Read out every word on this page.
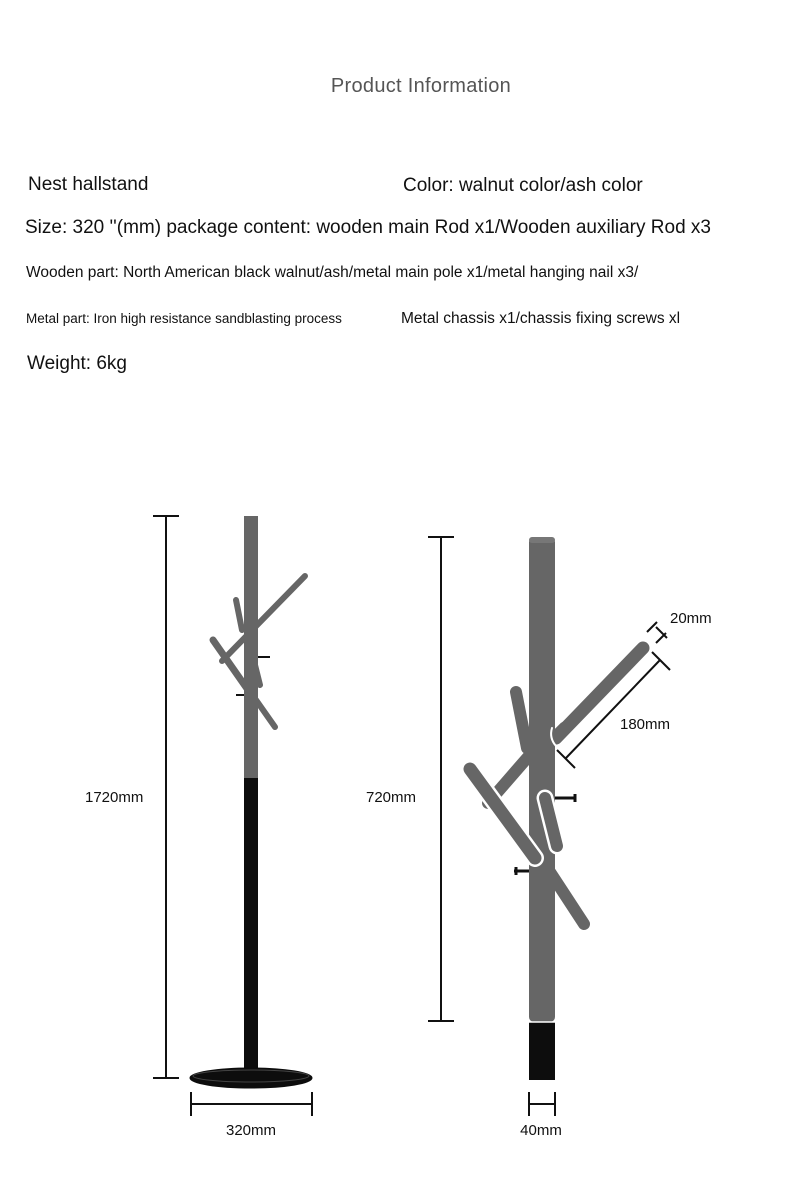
Product Information
Nest hallstand	Color: walnut color/ash color
Size: 320 ''(mm) package content: wooden main Rod x1/Wooden auxiliary Rod x3
Wooden part: North American black walnut/ash/metal main pole x1/metal hanging nail x3/
Metal part: Iron high resistance sandblasting process	Metal chassis x1/chassis fixing screws xl
Weight: 6kg
1720mm
320mm
720mm
20mm
180mm
40mm
